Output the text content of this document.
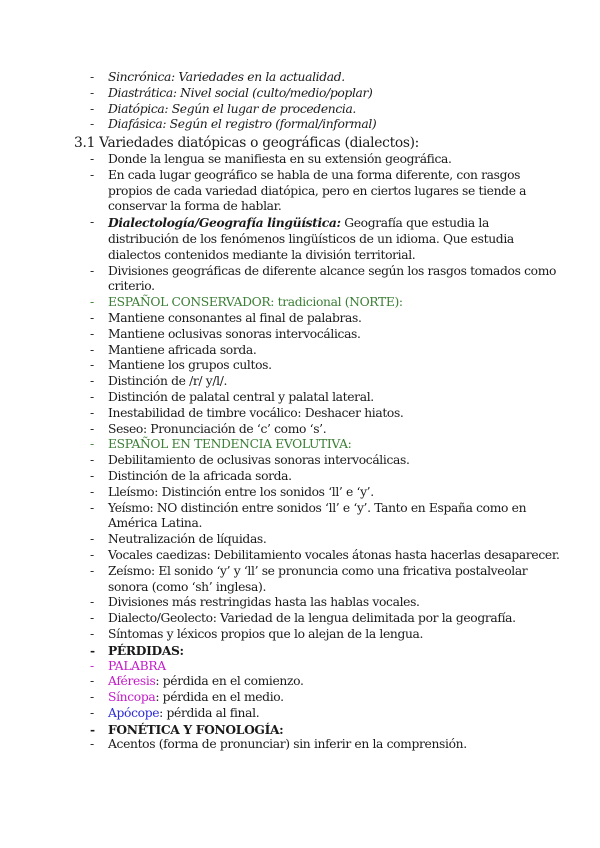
- Sincrónica: Variedades en la actualidad.
- Diastrática: Nivel social (culto/medio/poplar)
- Diatópica: Según el lugar de procedencia.
- Diafásica: Según el registro (formal/informal)
3.1 Variedades diatópicas o geográficas (dialectos):
- Donde la lengua se manifiesta en su extensión geográfica.
- En cada lugar geográfico se habla de una forma diferente, con rasgos propios de cada variedad diatópica, pero en ciertos lugares se tiende a conservar la forma de hablar.
- Dialectología/Geografía lingüística: Geografía que estudia la distribución de los fenómenos lingüísticos de un idioma. Que estudia dialectos contenidos mediante la división territorial.
- Divisiones geográficas de diferente alcance según los rasgos tomados como criterio.
- ESPAÑOL CONSERVADOR: tradicional (NORTE):
- Mantiene consonantes al final de palabras.
- Mantiene oclusivas sonoras intervocálicas.
- Mantiene africada sorda.
- Mantiene los grupos cultos.
- Distinción de /r/ y/l/.
- Distinción de palatal central y palatal lateral.
- Inestabilidad de timbre vocálico: Deshacer hiatos.
- Seseo: Pronunciación de ‘c’ como ‘s’.
- ESPAÑOL EN TENDENCIA EVOLUTIVA:
- Debilitamiento de oclusivas sonoras intervocálicas.
- Distinción de la africada sorda.
- Lleísmo: Distinción entre los sonidos ‘ll’ e ‘y’.
- Yeísmo: NO distinción entre sonidos ‘ll’ e ‘y’. Tanto en España como en América Latina.
- Neutralización de líquidas.
- Vocales caedizas: Debilitamiento vocales átonas hasta hacerlas desaparecer.
- Zeísmo: El sonido ‘y’ y ‘ll’ se pronuncia como una fricativa postalveolar sonora (como ‘sh’ inglesa).
- Divisiones más restringidas hasta las hablas vocales.
- Dialecto/Geolecto: Variedad de la lengua delimitada por la geografía.
- Síntomas y léxicos propios que lo alejan de la lengua.
- PÉRDIDAS:
- PALABRA
- Aféresis: pérdida en el comienzo.
- Síncopa: pérdida en el medio.
- Apócope: pérdida al final.
- FONÉTICA Y FONOLOGÍA:
- Acentos (forma de pronunciar) sin inferir en la comprensión.
